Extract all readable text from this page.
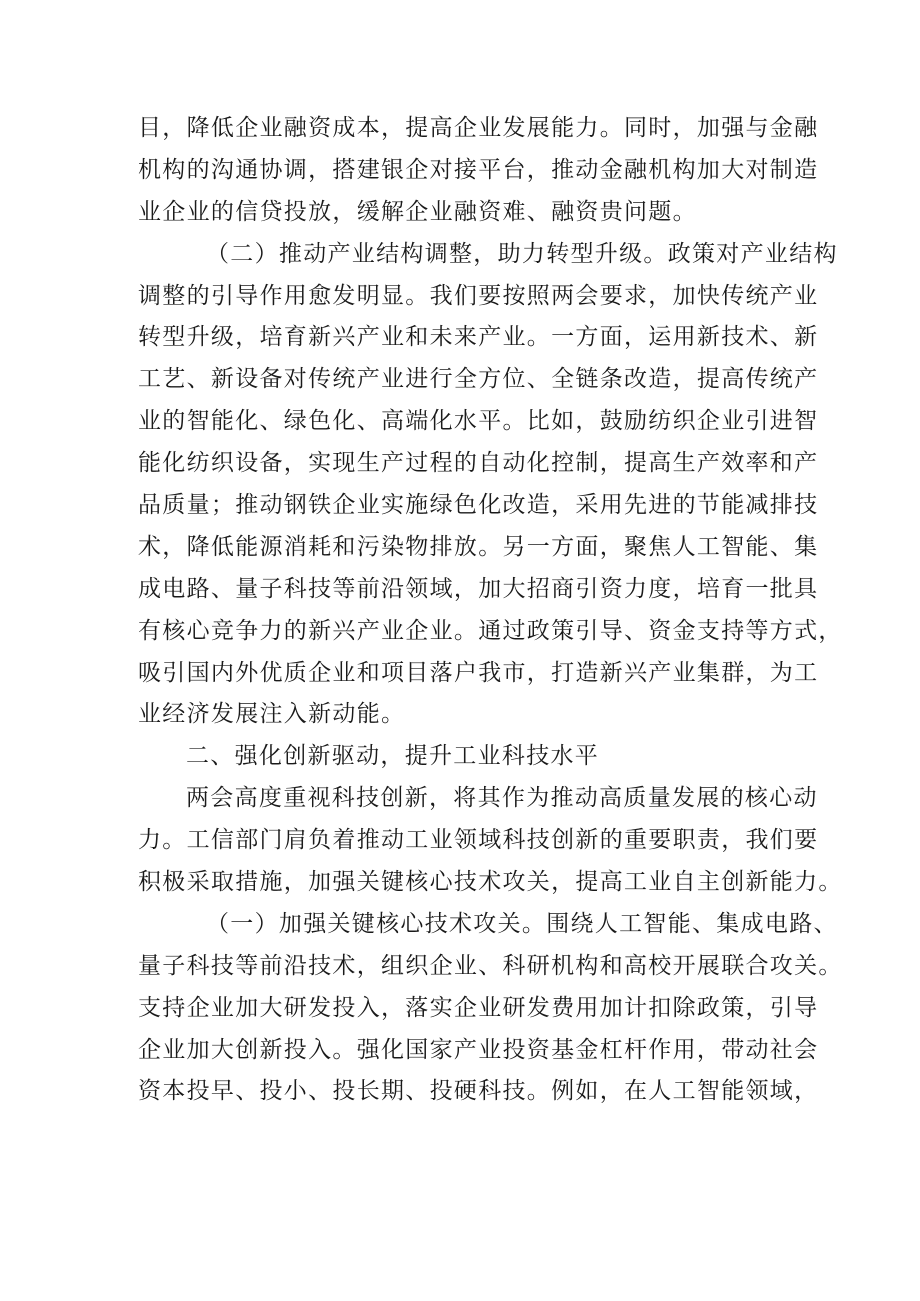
目，降低企业融资成本，提高企业发展能力。同时，加强与金融
机构的沟通协调，搭建银企对接平台，推动金融机构加大对制造
业企业的信贷投放，缓解企业融资难、融资贵问题。
（二）推动产业结构调整，助力转型升级。政策对产业结构
调整的引导作用愈发明显。我们要按照两会要求，加快传统产业
转型升级，培育新兴产业和未来产业。一方面，运用新技术、新
工艺、新设备对传统产业进行全方位、全链条改造，提高传统产
业的智能化、绿色化、高端化水平。比如，鼓励纺织企业引进智
能化纺织设备，实现生产过程的自动化控制，提高生产效率和产
品质量；推动钢铁企业实施绿色化改造，采用先进的节能减排技
术，降低能源消耗和污染物排放。另一方面，聚焦人工智能、集
成电路、量子科技等前沿领域，加大招商引资力度，培育一批具
有核心竞争力的新兴产业企业。通过政策引导、资金支持等方式，
吸引国内外优质企业和项目落户我市，打造新兴产业集群，为工
业经济发展注入新动能。
二、强化创新驱动，提升工业科技水平
两会高度重视科技创新，将其作为推动高质量发展的核心动
力。工信部门肩负着推动工业领域科技创新的重要职责，我们要
积极采取措施，加强关键核心技术攻关，提高工业自主创新能力。
（一）加强关键核心技术攻关。围绕人工智能、集成电路、
量子科技等前沿技术，组织企业、科研机构和高校开展联合攻关。
支持企业加大研发投入，落实企业研发费用加计扣除政策，引导
企业加大创新投入。强化国家产业投资基金杠杆作用，带动社会
资本投早、投小、投长期、投硬科技。例如，在人工智能领域，
